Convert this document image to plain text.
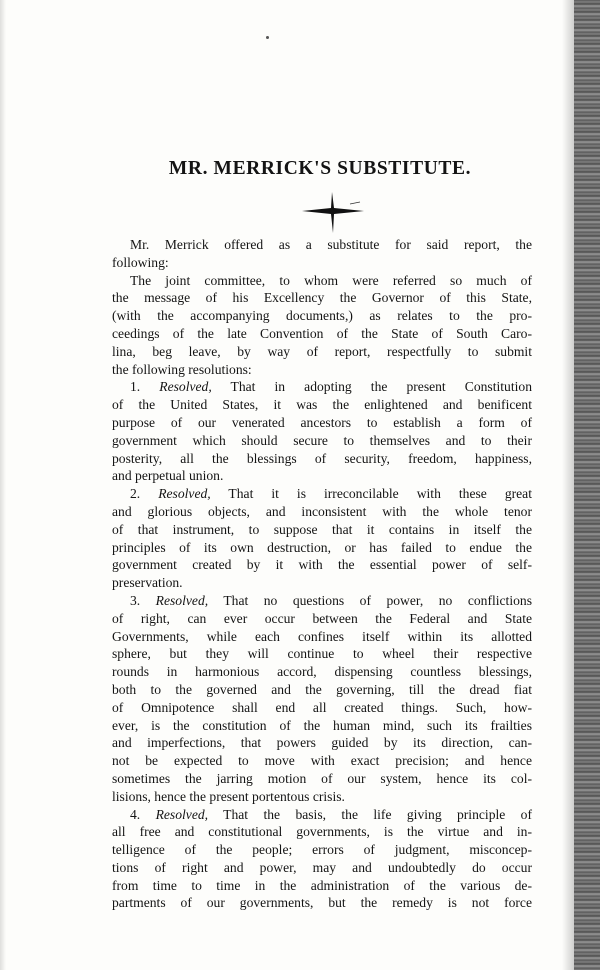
MR. MERRICK'S SUBSTITUTE.
Mr. Merrick offered as a substitute for said report, the
following:
The joint committee, to whom were referred so much of
the message of his Excellency the Governor of this State,
(with the accompanying documents,) as relates to the pro-
ceedings of the late Convention of the State of South Caro-
lina, beg leave, by way of report, respectfully to submit
the following resolutions:
1. Resolved, That in adopting the present Constitution
of the United States, it was the enlightened and benificent
purpose of our venerated ancestors to establish a form of
government which should secure to themselves and to their
posterity, all the blessings of security, freedom, happiness,
and perpetual union.
2. Resolved, That it is irreconcilable with these great
and glorious objects, and inconsistent with the whole tenor
of that instrument, to suppose that it contains in itself the
principles of its own destruction, or has failed to endue the
government created by it with the essential power of self-
preservation.
3. Resolved, That no questions of power, no conflictions
of right, can ever occur between the Federal and State
Governments, while each confines itself within its allotted
sphere, but they will continue to wheel their respective
rounds in harmonious accord, dispensing countless blessings,
both to the governed and the governing, till the dread fiat
of Omnipotence shall end all created things. Such, how-
ever, is the constitution of the human mind, such its frailties
and imperfections, that powers guided by its direction, can-
not be expected to move with exact precision; and hence
sometimes the jarring motion of our system, hence its col-
lisions, hence the present portentous crisis.
4. Resolved, That the basis, the life giving principle of
all free and constitutional governments, is the virtue and in-
telligence of the people; errors of judgment, misconcep-
tions of right and power, may and undoubtedly do occur
from time to time in the administration of the various de-
partments of our governments, but the remedy is not force
